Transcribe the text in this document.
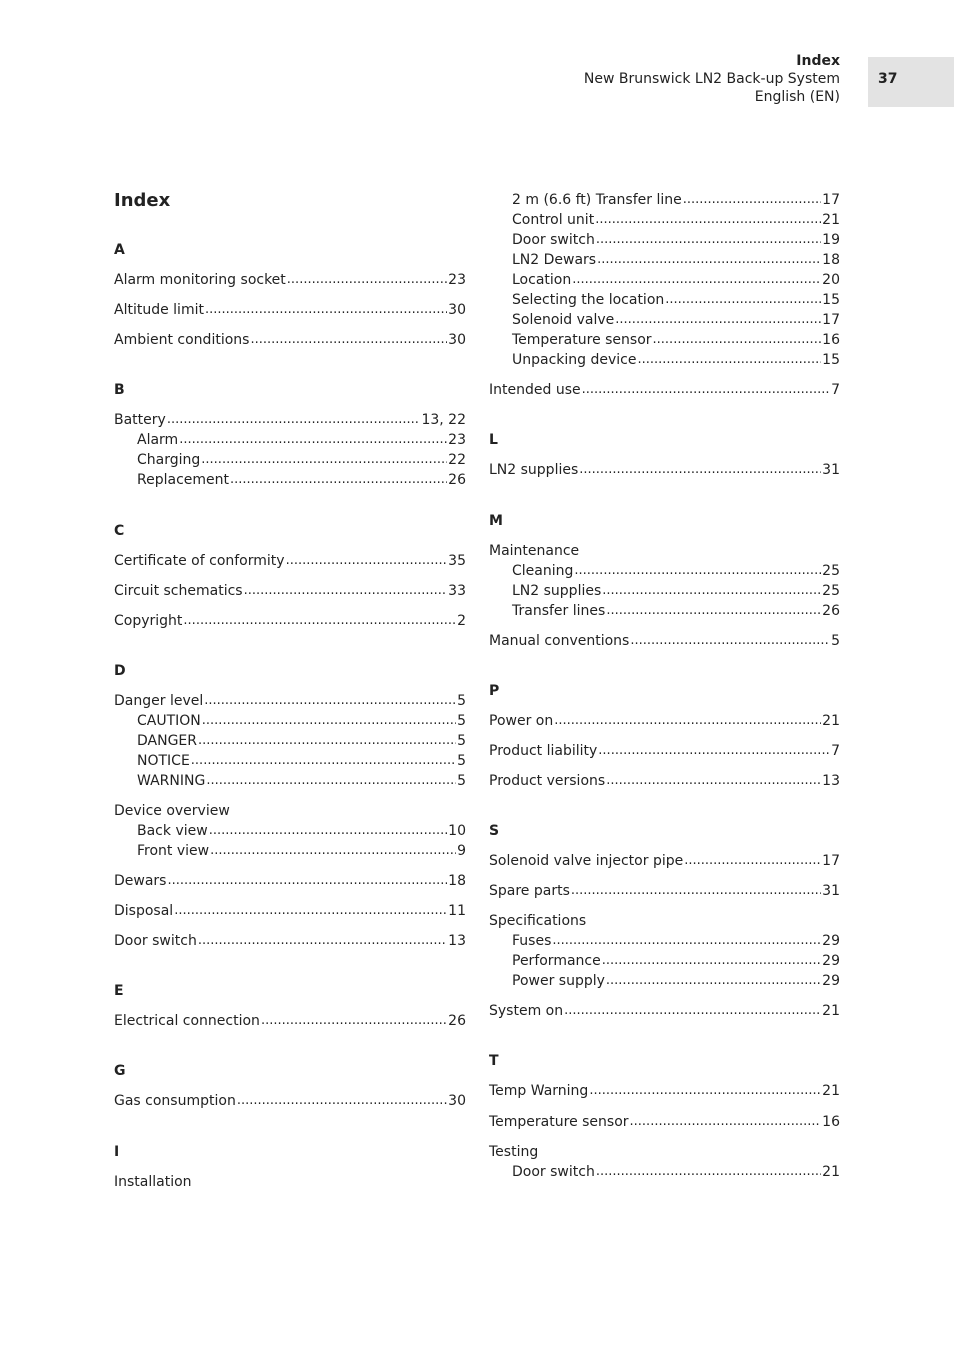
Index
New Brunswick LN2 Back-up System
English (EN)
37
Index
A
Alarm monitoring socket .....	23
Altitude limit .....	30
Ambient conditions .....	30
B
Battery .....	13, 22
Alarm .....	23
Charging .....	22
Replacement .....	26
C
Certificate of conformity .....	35
Circuit schematics .....	33
Copyright .....	2
D
Danger level .....	5
CAUTION .....	5
DANGER .....	5
NOTICE .....	5
WARNING .....	5
Device overview
Back view .....	10
Front view .....	9
Dewars .....	18
Disposal .....	11
Door switch .....	13
E
Electrical connection .....	26
G
Gas consumption .....	30
I
Installation
2 m (6.6 ft) Transfer line .....	17
Control unit .....	21
Door switch .....	19
LN2 Dewars .....	18
Location .....	20
Selecting the location .....	15
Solenoid valve .....	17
Temperature sensor .....	16
Unpacking device .....	15
Intended use .....	7
L
LN2 supplies .....	31
M
Maintenance
Cleaning .....	25
LN2 supplies .....	25
Transfer lines .....	26
Manual conventions .....	5
P
Power on .....	21
Product liability .....	7
Product versions .....	13
S
Solenoid valve injector pipe .....	17
Spare parts .....	31
Specifications
Fuses .....	29
Performance .....	29
Power supply .....	29
System on .....	21
T
Temp Warning .....	21
Temperature sensor .....	16
Testing
Door switch .....	21
